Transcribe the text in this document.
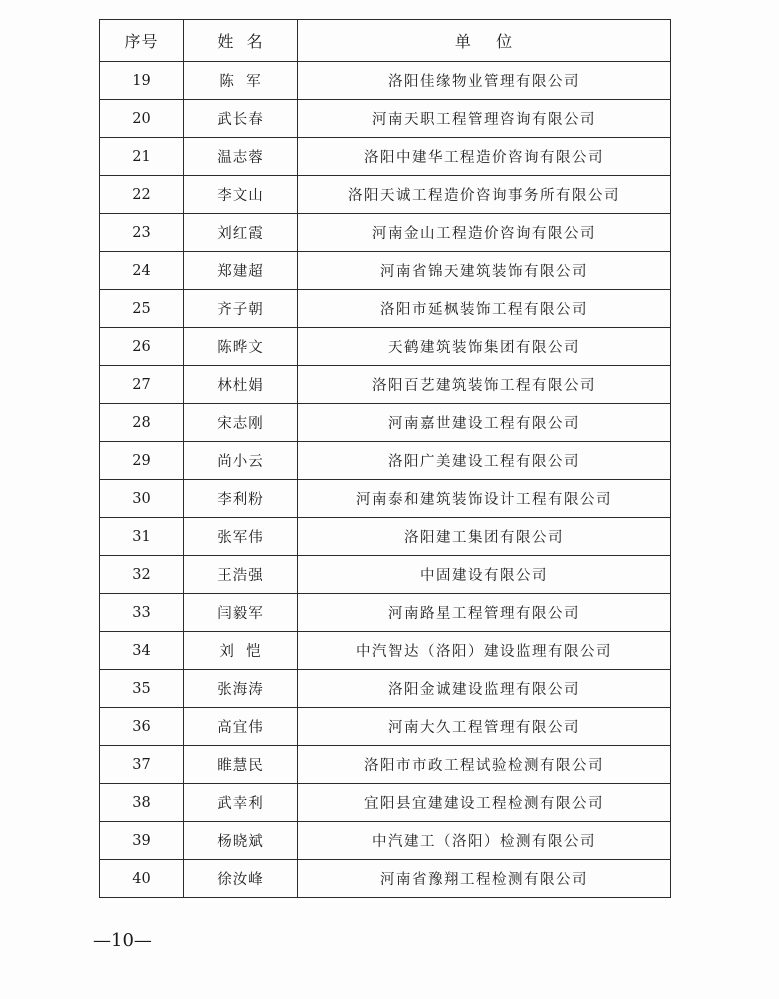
序号	姓  名	单    位
19	陈  军	洛阳佳缘物业管理有限公司
20	武长春	河南天职工程管理咨询有限公司
21	温志蓉	洛阳中建华工程造价咨询有限公司
22	李文山	洛阳天诚工程造价咨询事务所有限公司
23	刘红霞	河南金山工程造价咨询有限公司
24	郑建超	河南省锦天建筑装饰有限公司
25	齐子朝	洛阳市延枫装饰工程有限公司
26	陈晔文	天鹤建筑装饰集团有限公司
27	林杜娟	洛阳百艺建筑装饰工程有限公司
28	宋志刚	河南嘉世建设工程有限公司
29	尚小云	洛阳广美建设工程有限公司
30	李利粉	河南泰和建筑装饰设计工程有限公司
31	张军伟	洛阳建工集团有限公司
32	王浩强	中固建设有限公司
33	闫毅军	河南路星工程管理有限公司
34	刘  恺	中汽智达（洛阳）建设监理有限公司
35	张海涛	洛阳金诚建设监理有限公司
36	高宜伟	河南大久工程管理有限公司
37	睢慧民	洛阳市市政工程试验检测有限公司
38	武幸利	宜阳县宜建建设工程检测有限公司
39	杨晓斌	中汽建工（洛阳）检测有限公司
40	徐汝峰	河南省豫翔工程检测有限公司
—10—
